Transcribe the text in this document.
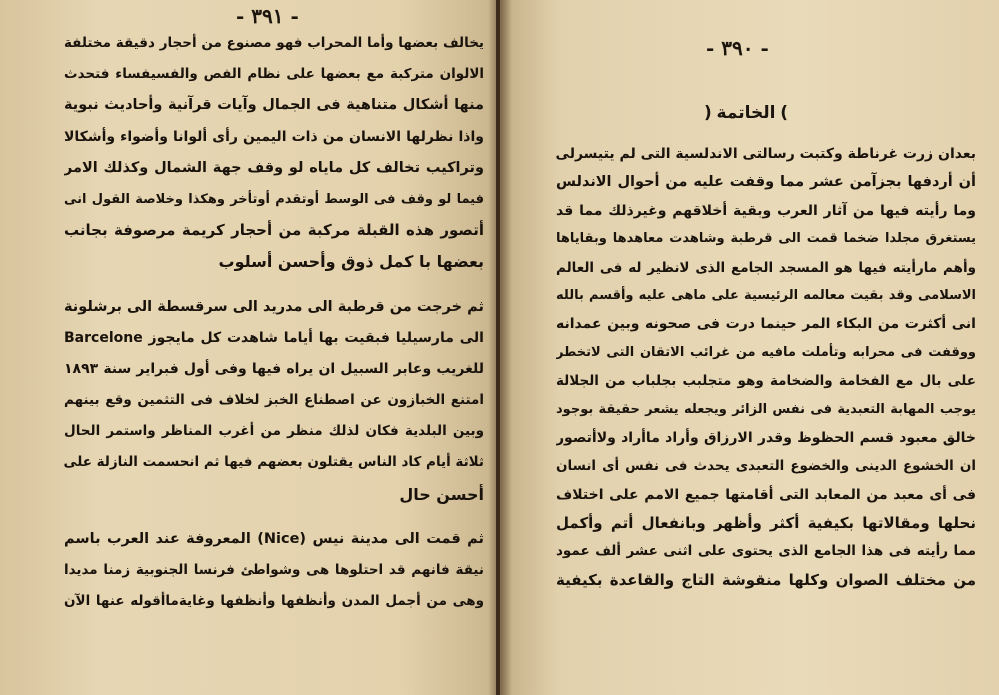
- ٣٩١ -
يخالف بعضها وأما المحراب فهو مصنوع من أحجار دقيقة مختلفة
الالوان متركبة مع بعضها على نظام الفص والفسيفساء فتحدث
منها أشكال متناهية فى الجمال وآيات قرآنية وأحاديث نبوية
واذا نظرلها الانسان من ذات اليمين رأى ألوانا وأضواء وأشكالا
وتراكيب تخالف كل ماياه لو وقف جهة الشمال وكذلك الامر
فيما لو وقف فى الوسط أوتقدم أوتأخر وهكذا وخلاصة القول انى
أتصور هذه القبلة مركبة من أحجار كريمة مرصوفة بجانب
بعضها با كمل ذوق وأحسن أسلوب
ثم خرجت من قرطبة الى مدريد الى سرقسطة الى برشلونة
Barcelone الى مارسيليا فبقيت بها أياما شاهدت كل مايجوز
للغريب وعابر السبيل ان يراه فيها وفى أول فبراير سنة ١٨٩٣
امتنع الخبازون عن اصطناع الخبز لخلاف فى التثمين وقع بينهم
وبين البلدية فكان لذلك منظر من أغرب المناظر واستمر الحال
ثلاثة أيام كاد الناس يقتلون بعضهم فيها ثم انحسمت النازلة على
أحسن حال
ثم قمت الى مدينة نيس (Nice) المعروفة عند العرب باسم
نيقة فانهم قد احتلوها هى وشواطئ فرنسا الجنوبية زمنا مديدا
وهى من أجمل المدن وأنظفها وأنظفها وغايةماأقوله عنها الآن
- ٣٩٠ -
( الخاتمة )
بعدان زرت غرناطة وكتبت رسالتى الاندلسية التى لم يتيسرلى
أن أردفها بجزآمن عشر مما وقفت عليه من أحوال الاندلس
وما رأيته فيها من آثار العرب وبقية أخلاقهم وغيرذلك مما قد
يستغرق مجلدا ضخما قمت الى قرطبة وشاهدت معاهدها وبقاياها
وأهم مارأيته فيها هو المسجد الجامع الذى لانظير له فى العالم
الاسلامى وقد بقيت معالمه الرئيسية على ماهى عليه وأقسم بالله
انى أكثرت من البكاء المر حينما درت فى صحونه وبين عمدانه
ووقفت فى محرابه وتأملت مافيه من غرائب الاتقان التى لاتخطر
على بال مع الفخامة والضخامة وهو متجلبب بجلباب من الجلالة
يوجب المهابة التعبدية فى نفس الزائر ويجعله يشعر حقيقة بوجود
خالق معبود قسم الحظوظ وقدر الارزاق وأراد ماأراد ولاأتصور
ان الخشوع الدينى والخضوع التعبدى يحدث فى نفس أى انسان
فى أى معبد من المعابد التى أقامتها جميع الامم على اختلاف
نحلها ومقالاتها بكيفية أكثر وأظهر وبانفعال أتم وأكمل
مما رأيته فى هذا الجامع الذى يحتوى على اثنى عشر ألف عمود
من مختلف الصوان وكلها منقوشة التاج والقاعدة بكيفية
